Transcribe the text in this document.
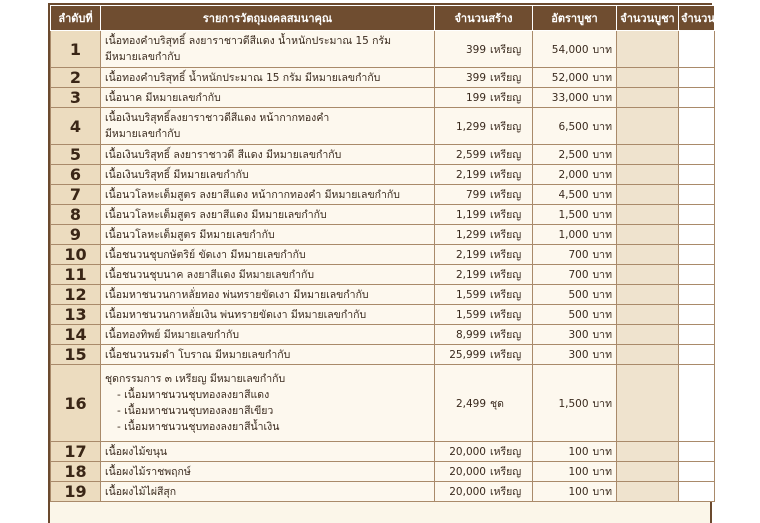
ลำดับที่	รายการวัตถุมงคลสมนาคุณ	จำนวนสร้าง	อัตราบูชา	จำนวนบูชา	จำนวนเงิน
1	เนื้อทองคำบริสุทธิ์ ลงยาราชาวดีสีแดง น้ำหนักประมาณ 15 กรัม
มีหมายเลขกำกับ	399 เหรียญ	54,000 บาท		
2	เนื้อทองคำบริสุทธิ์ น้ำหนักประมาณ 15 กรัม มีหมายเลขกำกับ	399 เหรียญ	52,000 บาท		
3	เนื้อนาค มีหมายเลขกำกับ	199 เหรียญ	33,000 บาท		
4	เนื้อเงินบริสุทธิ์ลงยาราชาวดีสีแดง หน้ากากทองคำ
มีหมายเลขกำกับ	1,299 เหรียญ	6,500 บาท		
5	เนื้อเงินบริสุทธิ์ ลงยาราชาวดี สีแดง มีหมายเลขกำกับ	2,599 เหรียญ	2,500 บาท		
6	เนื้อเงินบริสุทธิ์ มีหมายเลขกำกับ	2,199 เหรียญ	2,000 บาท		
7	เนื้อนวโลหะเต็มสูตร ลงยาสีแดง หน้ากากทองคำ มีหมายเลขกำกับ	799 เหรียญ	4,500 บาท		
8	เนื้อนวโลหะเต็มสูตร ลงยาสีแดง มีหมายเลขกำกับ	1,199 เหรียญ	1,500 บาท		
9	เนื้อนวโลหะเต็มสูตร มีหมายเลขกำกับ	1,299 เหรียญ	1,000 บาท		
10	เนื้อชนวนชุบกษัตริย์ ขัดเงา มีหมายเลขกำกับ	2,199 เหรียญ	700 บาท		
11	เนื้อชนวนชุบนาค ลงยาสีแดง มีหมายเลขกำกับ	2,199 เหรียญ	700 บาท		
12	เนื้อมหาชนวนกาหลั่ยทอง พ่นทรายขัดเงา มีหมายเลขกำกับ	1,599 เหรียญ	500 บาท		
13	เนื้อมหาชนวนกาหลั่ยเงิน พ่นทรายขัดเงา มีหมายเลขกำกับ	1,599 เหรียญ	500 บาท		
14	เนื้อทองทิพย์ มีหมายเลขกำกับ	8,999 เหรียญ	300 บาท		
15	เนื้อชนวนรมดำ โบราณ มีหมายเลขกำกับ	25,999 เหรียญ	300 บาท		
16	ชุดกรรมการ ๓ เหรียญ มีหมายเลขกำกับ
- เนื้อมหาชนวนชุบทองลงยาสีแดง
- เนื้อมหาชนวนชุบทองลงยาสีเขียว
- เนื้อมหาชนวนชุบทองลงยาสีน้ำเงิน	2,499 ชุด	1,500 บาท		
17	เนื้อผงไม้ขนุน	20,000 เหรียญ	100 บาท		
18	เนื้อผงไม้ราชพฤกษ์	20,000 เหรียญ	100 บาท		
19	เนื้อผงไม้ไผ่สีสุก	20,000 เหรียญ	100 บาท		
